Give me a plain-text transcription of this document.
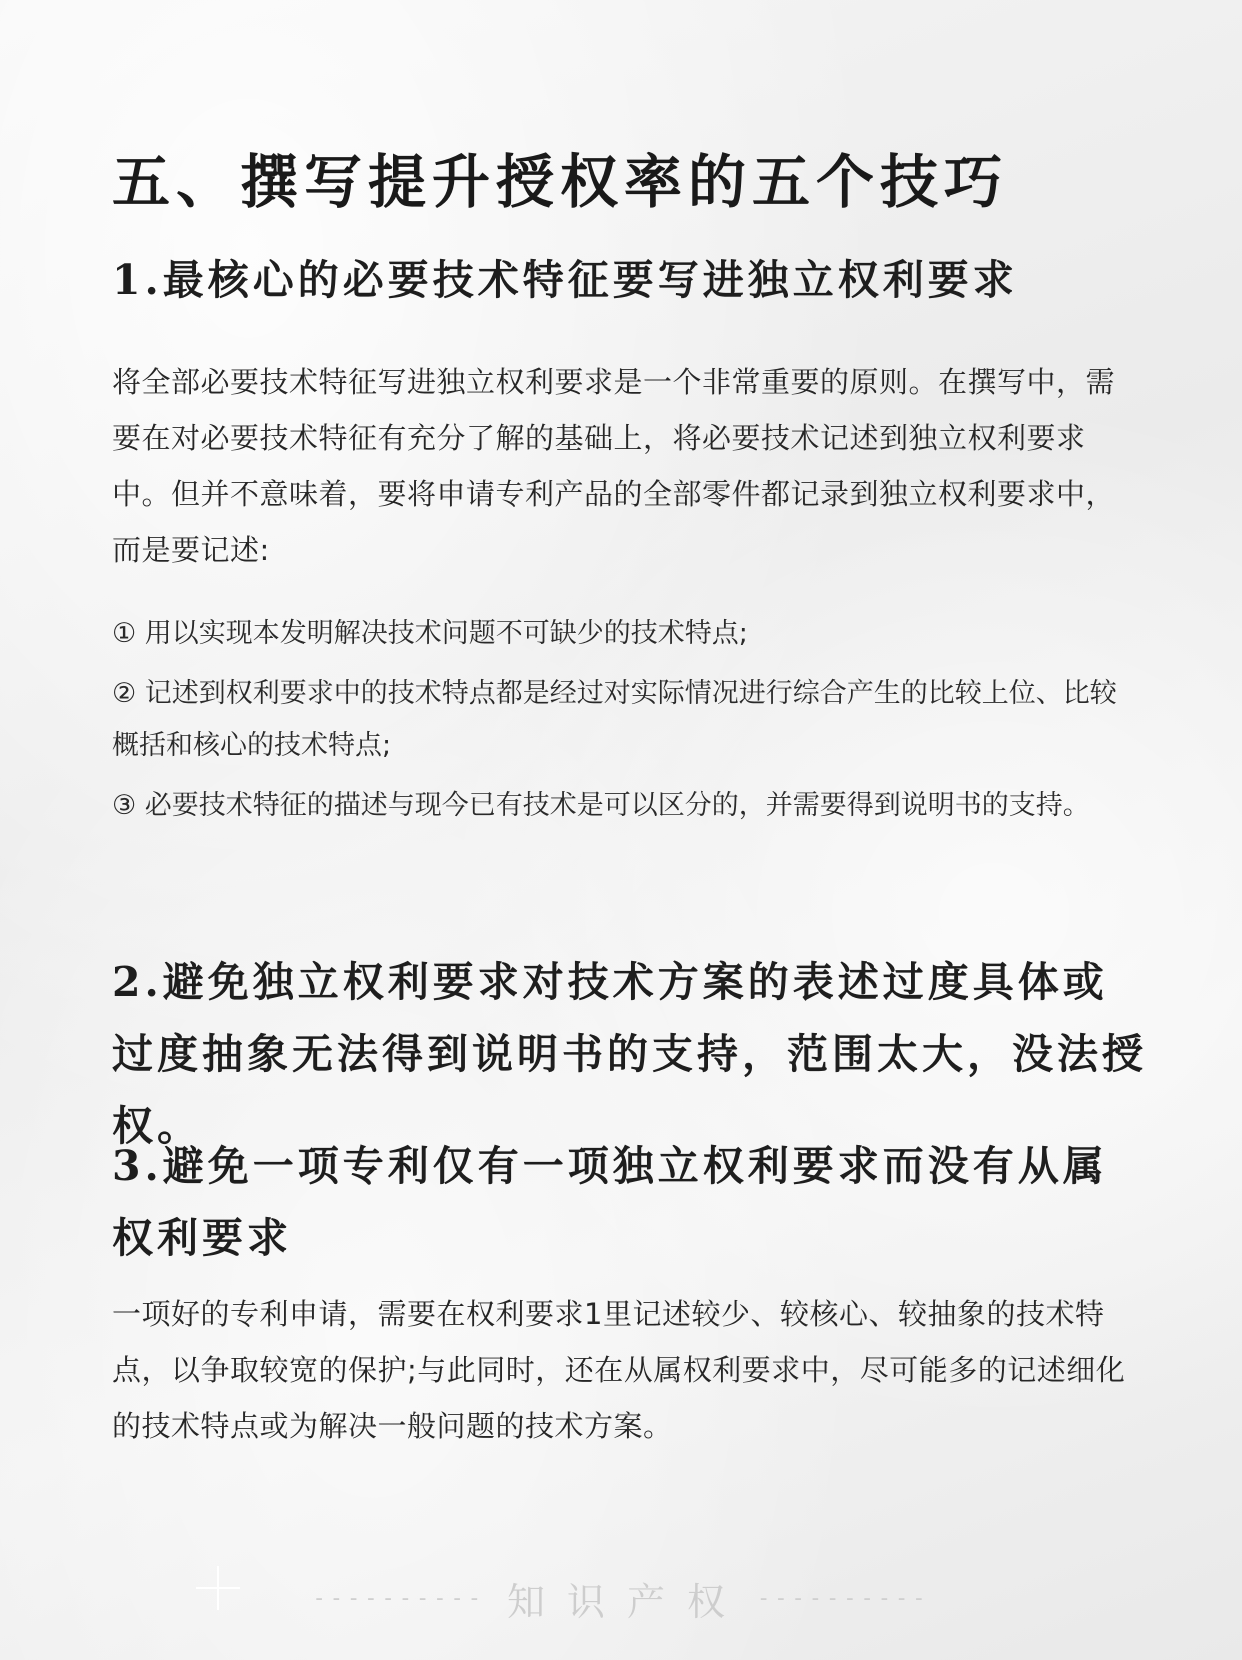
五、撰写提升授权率的五个技巧
1.最核心的必要技术特征要写进独立权利要求

将全部必要技术特征写进独立权利要求是一个非常重要的原则。在撰写中，需要在对必要技术特征有充分了解的基础上，将必要技术记述到独立权利要求中。但并不意味着，要将申请专利产品的全部零件都记录到独立权利要求中，而是要记述:

① 用以实现本发明解决技术问题不可缺少的技术特点;
② 记述到权利要求中的技术特点都是经过对实际情况进行综合产生的比较上位、比较概括和核心的技术特点;
③ 必要技术特征的描述与现今已有技术是可以区分的，并需要得到说明书的支持。
2.避免独立权利要求对技术方案的表述过度具体或过度抽象无法得到说明书的支持，范围太大，没法授权。
3.避免一项专利仅有一项独立权利要求而没有从属权利要求

一项好的专利申请，需要在权利要求1里记述较少、较核心、较抽象的技术特点，以争取较宽的保护;与此同时，还在从属权利要求中，尽可能多的记述细化的技术特点或为解决一般问题的技术方案。

---------- 知识产权 ----------
